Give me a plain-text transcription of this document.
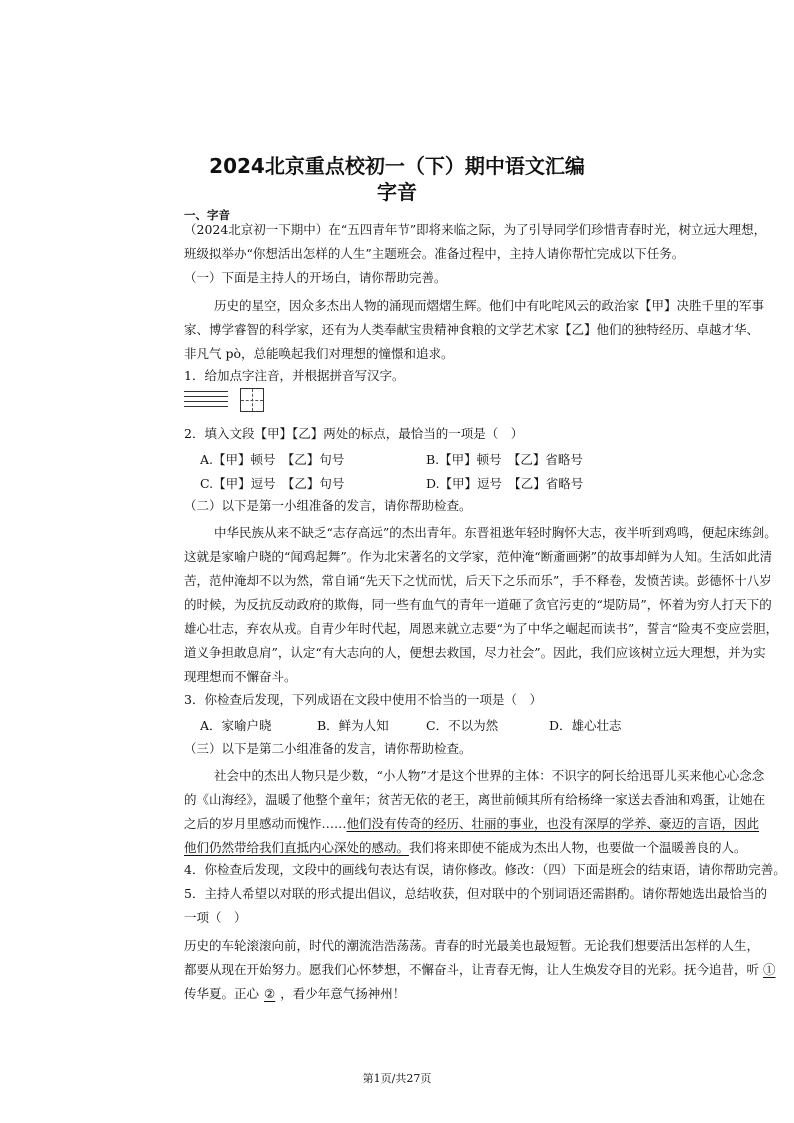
2024北京重点校初一（下）期中语文汇编
字音
一、字音
（2024北京初一下期中）在“五四青年节”即将来临之际，为了引导同学们珍惜青春时光，树立远大理想，
班级拟举办“你想活出怎样的人生”主题班会。准备过程中，主持人请你帮忙完成以下任务。
（一）下面是主持人的开场白，请你帮助完善。
历史的星空，因众多杰出人物的涌现而熠熠生辉。他们中有叱咤风云的政治家【甲】决胜千里的军事
家、博学睿智的科学家，还有为人类奉献宝贵精神食粮的文学艺术家【乙】他们的独特经历、卓越才华、
非凡气 pò，总能唤起我们对理想的憧憬和追求。
1．给加点字注音，并根据拼音写汉字。
2．填入文段【甲】【乙】两处的标点，最恰当的一项是（　）
A.【甲】顿号　【乙】句号	B.【甲】顿号　【乙】省略号
C.【甲】逗号　【乙】句号	D.【甲】逗号　【乙】省略号
（二）以下是第一小组准备的发言，请你帮助检查。
中华民族从来不缺乏“志存高远”的杰出青年。东晋祖逖年轻时胸怀大志，夜半听到鸡鸣，便起床练剑。
这就是家喻户晓的“闻鸡起舞”。作为北宋著名的文学家，范仲淹“断齑画粥”的故事却鲜为人知。生活如此清
苦，范仲淹却不以为然，常自诵“先天下之忧而忧，后天下之乐而乐”，手不释卷，发愤苦读。彭德怀十八岁
的时候，为反抗反动政府的欺侮，同一些有血气的青年一道砸了贪官污吏的“堤防局”，怀着为穷人打天下的
雄心壮志，弃农从戎。自青少年时代起，周恩来就立志要“为了中华之崛起而读书”，誓言“险夷不变应尝胆，
道义争担敢息肩”，认定“有大志向的人，便想去救国，尽力社会”。因此，我们应该树立远大理想，并为实
现理想而不懈奋斗。
3．你检查后发现，下列成语在文段中使用不恰当的一项是（　）
A．家喻户晓	B．鲜为人知	C．不以为然	D．雄心壮志
（三）以下是第二小组准备的发言，请你帮助检查。
社会中的杰出人物只是少数，“小人物”才是这个世界的主体：不识字的阿长给迅哥儿买来他心心念念
的《山海经》，温暖了他整个童年；贫苦无依的老王，离世前倾其所有给杨绛一家送去香油和鸡蛋，让她在
之后的岁月里感动而愧怍……他们没有传奇的经历、壮丽的事业，也没有深厚的学养、豪迈的言语，因此
他们仍然带给我们直抵内心深处的感动。我们将来即使不能成为杰出人物，也要做一个温暖善良的人。
4．你检查后发现，文段中的画线句表达有误，请你修改。修改：（四）下面是班会的结束语，请你帮助完善。
5．主持人希望以对联的形式提出倡议，总结收获，但对联中的个别词语还需斟酌。请你帮她选出最恰当的
一项（　）
历史的车轮滚滚向前，时代的潮流浩浩荡荡。青春的时光最美也最短暂。无论我们想要活出怎样的人生，
都要从现在开始努力。愿我们心怀梦想，不懈奋斗，让青春无悔，让人生焕发夺目的光彩。抚今追昔，听 ①
传华夏。正心 ② ，看少年意气扬神州！
第1页/共27页
